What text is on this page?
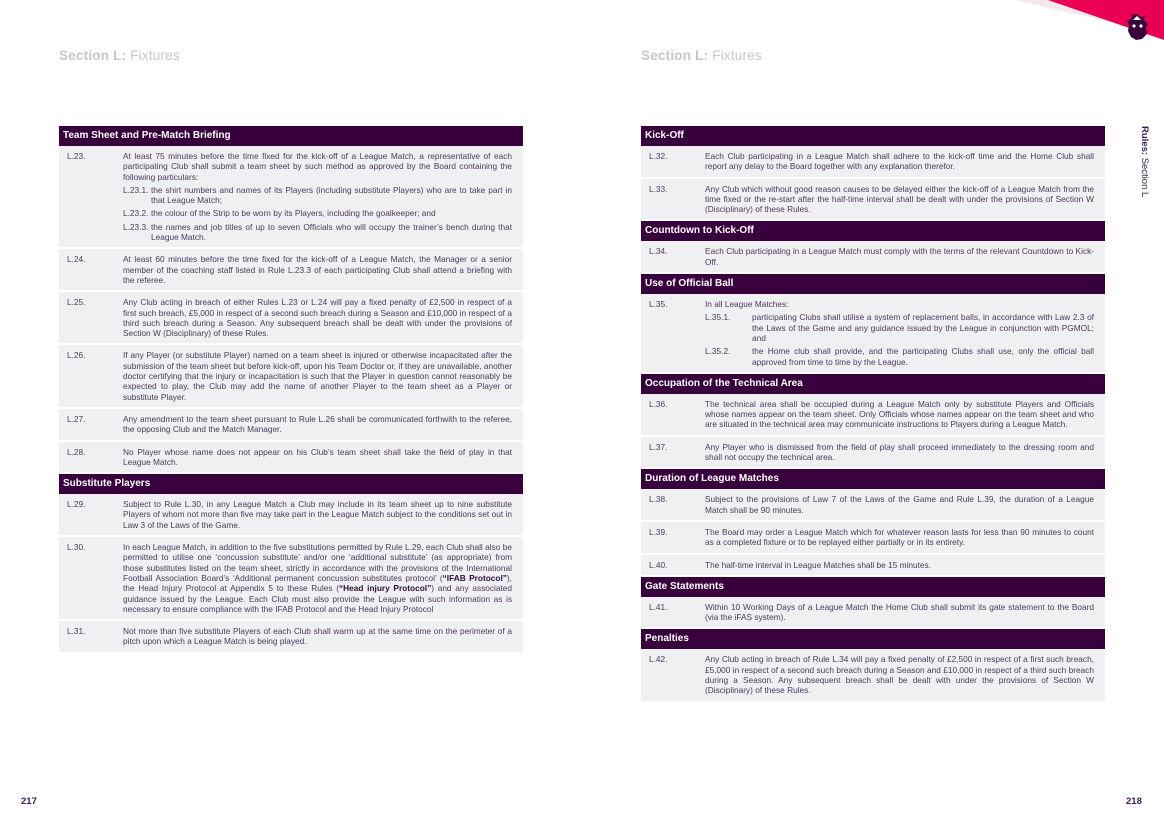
Section L: Fixtures	Section L: Fixtures
Rules: Section L
Team Sheet and Pre-Match Briefing
L.23.	At least 75 minutes before the time fixed for the kick-off of a League Match, a representative of each participating Club shall submit a team sheet by such method as approved by the Board containing the following particulars:
L.23.1. the shirt numbers and names of its Players (including substitute Players) who are to take part in that League Match;
L.23.2. the colour of the Strip to be worn by its Players, including the goalkeeper; and
L.23.3. the names and job titles of up to seven Officials who will occupy the trainer’s bench during that League Match.
L.24.	At least 60 minutes before the time fixed for the kick-off of a League Match, the Manager or a senior member of the coaching staff listed in Rule L.23.3 of each participating Club shall attend a briefing with the referee.
L.25.	Any Club acting in breach of either Rules L.23 or L.24 will pay a fixed penalty of £2,500 in respect of a first such breach, £5,000 in respect of a second such breach during a Season and £10,000 in respect of a third such breach during a Season. Any subsequent breach shall be dealt with under the provisions of Section W (Disciplinary) of these Rules.
L.26.	If any Player (or substitute Player) named on a team sheet is injured or otherwise incapacitated after the submission of the team sheet but before kick-off, upon his Team Doctor or, if they are unavailable, another doctor certifying that the injury or incapacitation is such that the Player in question cannot reasonably be expected to play, the Club may add the name of another Player to the team sheet as a Player or substitute Player.
L.27.	Any amendment to the team sheet pursuant to Rule L.26 shall be communicated forthwith to the referee, the opposing Club and the Match Manager.
L.28.	No Player whose name does not appear on his Club’s team sheet shall take the field of play in that League Match.
Substitute Players
L.29.	Subject to Rule L.30, in any League Match a Club may include in its team sheet up to nine substitute Players of whom not more than five may take part in the League Match subject to the conditions set out in Law 3 of the Laws of the Game.
L.30.	In each League Match, in addition to the five substitutions permitted by Rule L.29, each Club shall also be permitted to utilise one ‘concussion substitute’ and/or one ‘additional substitute’ (as appropriate) from those substitutes listed on the team sheet, strictly in accordance with the provisions of the International Football Association Board’s ‘Additional permanent concussion substitutes protocol’ (“IFAB Protocol”), the Head Injury Protocol at Appendix 5 to these Rules (“Head injury Protocol”) and any associated guidance issued by the League. Each Club must also provide the League with such information as is necessary to ensure compliance with the IFAB Protocol and the Head Injury Protocol
L.31.	Not more than five substitute Players of each Club shall warm up at the same time on the perimeter of a pitch upon which a League Match is being played.
Kick-Off
L.32.	Each Club participating in a League Match shall adhere to the kick-off time and the Home Club shall report any delay to the Board together with any explanation therefor.
L.33.	Any Club which without good reason causes to be delayed either the kick-off of a League Match from the time fixed or the re-start after the half-time interval shall be dealt with under the provisions of Section W (Disciplinary) of these Rules.
Countdown to Kick-Off
L.34.	Each Club participating in a League Match must comply with the terms of the relevant Countdown to Kick-Off.
Use of Official Ball
L.35.	In all League Matches:
L.35.1.	participating Clubs shall utilise a system of replacement balls, in accordance with Law 2.3 of the Laws of the Game and any guidance issued by the League in conjunction with PGMOL; and
L.35.2.	the Home club shall provide, and the participating Clubs shall use, only the official ball approved from time to time by the League.
Occupation of the Technical Area
L.36.	The technical area shall be occupied during a League Match only by substitute Players and Officials whose names appear on the team sheet. Only Officials whose names appear on the team sheet and who are situated in the technical area may communicate instructions to Players during a League Match.
L.37.	Any Player who is dismissed from the field of play shall proceed immediately to the dressing room and shall not occupy the technical area.
Duration of League Matches
L.38.	Subject to the provisions of Law 7 of the Laws of the Game and Rule L.39, the duration of a League Match shall be 90 minutes.
L.39.	The Board may order a League Match which for whatever reason lasts for less than 90 minutes to count as a completed fixture or to be replayed either partially or in its entirety.
L.40.	The half-time interval in League Matches shall be 15 minutes.
Gate Statements
L.41.	Within 10 Working Days of a League Match the Home Club shall submit its gate statement to the Board (via the iFAS system).
Penalties
L.42.	Any Club acting in breach of Rule L.34 will pay a fixed penalty of £2,500 in respect of a first such breach, £5,000 in respect of a second such breach during a Season and £10,000 in respect of a third such breach during a Season. Any subsequent breach shall be dealt with under the provisions of Section W (Disciplinary) of these Rules.
217	218
